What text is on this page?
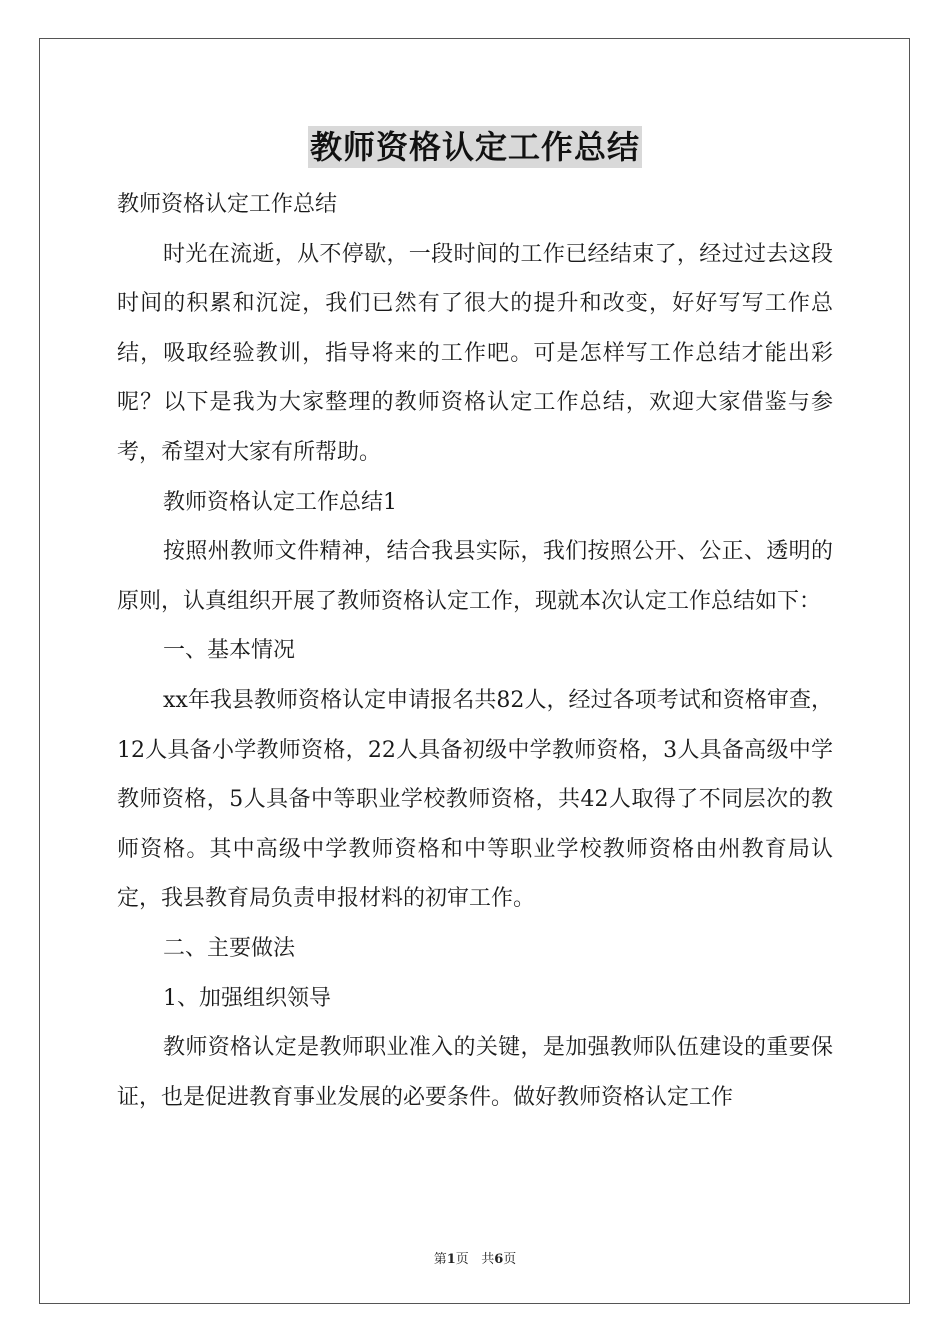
教师资格认定工作总结

教师资格认定工作总结

时光在流逝，从不停歇，一段时间的工作已经结束了，经过过去这段时间的积累和沉淀，我们已然有了很大的提升和改变，好好写写工作总结，吸取经验教训，指导将来的工作吧。可是怎样写工作总结才能出彩呢？以下是我为大家整理的教师资格认定工作总结，欢迎大家借鉴与参考，希望对大家有所帮助。

教师资格认定工作总结1

按照州教师文件精神，结合我县实际，我们按照公开、公正、透明的原则，认真组织开展了教师资格认定工作，现就本次认定工作总结如下：

一、基本情况

xx年我县教师资格认定申请报名共82人，经过各项考试和资格审查，12人具备小学教师资格，22人具备初级中学教师资格，3人具备高级中学教师资格，5人具备中等职业学校教师资格，共42人取得了不同层次的教师资格。其中高级中学教师资格和中等职业学校教师资格由州教育局认定，我县教育局负责申报材料的初审工作。

二、主要做法

1、加强组织领导

教师资格认定是教师职业准入的关键，是加强教师队伍建设的重要保证，也是促进教育事业发展的必要条件。做好教师资格认定工作

第1页 共6页
